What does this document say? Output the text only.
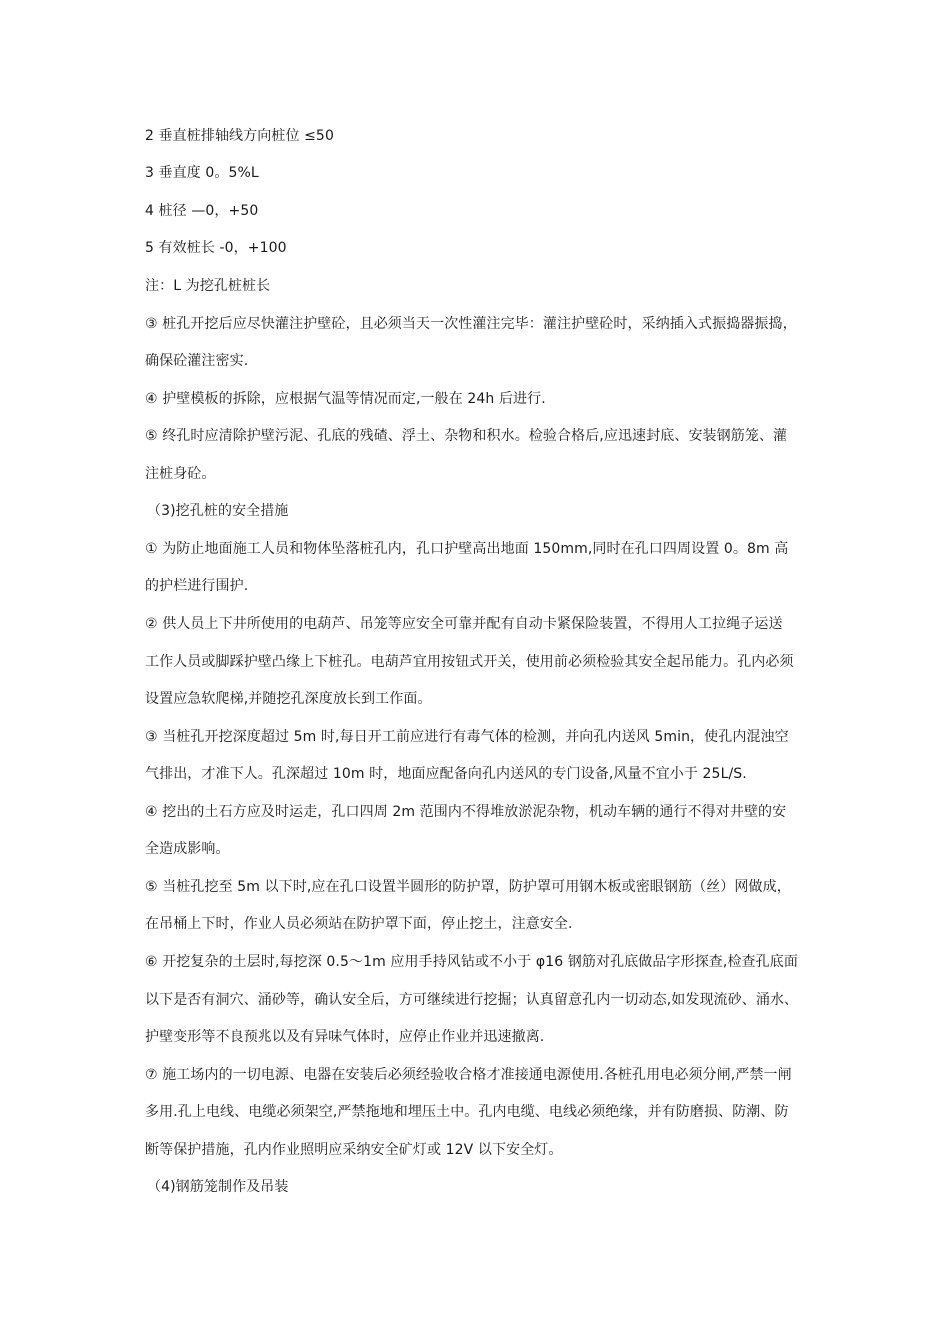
2 垂直桩排轴线方向桩位 ≤50
3 垂直度 0。5%L
4 桩径 —0，+50
5 有效桩长 -0，+100
注：L 为挖孔桩桩长
③ 桩孔开挖后应尽快灌注护壁砼，且必须当天一次性灌注完毕：灌注护壁砼时，采纳插入式振捣器振捣，
确保砼灌注密实.
④ 护壁模板的拆除，应根据气温等情况而定,一般在 24h 后进行.
⑤ 终孔时应清除护壁污泥、孔底的残碴、浮土、杂物和积水。检验合格后,应迅速封底、安装钢筋笼、灌
注桩身砼。
（3)挖孔桩的安全措施
① 为防止地面施工人员和物体坠落桩孔内，孔口护壁高出地面 150mm,同时在孔口四周设置 0。8m 高
的护栏进行围护.
② 供人员上下井所使用的电葫芦、吊笼等应安全可靠并配有自动卡紧保险装置，不得用人工拉绳子运送
工作人员或脚踩护壁凸缘上下桩孔。电葫芦宜用按钮式开关，使用前必须检验其安全起吊能力。孔内必须
设置应急软爬梯,并随挖孔深度放长到工作面。
③ 当桩孔开挖深度超过 5m 时,每日开工前应进行有毒气体的检测，并向孔内送风 5min，使孔内混浊空
气排出，才准下人。孔深超过 10m 时，地面应配备向孔内送风的专门设备,风量不宜小于 25L/S.
④ 挖出的土石方应及时运走，孔口四周 2m 范围内不得堆放淤泥杂物，机动车辆的通行不得对井壁的安
全造成影响。
⑤ 当桩孔挖至 5m 以下时,应在孔口设置半圆形的防护罩，防护罩可用钢木板或密眼钢筋（丝）网做成，
在吊桶上下时，作业人员必须站在防护罩下面，停止挖土，注意安全.
⑥ 开挖复杂的土层时,每挖深 0.5～1m 应用手持风钻或不小于 φ16 钢筋对孔底做品字形探查,检查孔底面
以下是否有洞穴、涌砂等，确认安全后，方可继续进行挖掘；认真留意孔内一切动态,如发现流砂、涌水、
护壁变形等不良预兆以及有异味气体时，应停止作业并迅速撤离.
⑦ 施工场内的一切电源、电器在安装后必须经验收合格才准接通电源使用.各桩孔用电必须分闸,严禁一闸
多用.孔上电线、电缆必须架空,严禁拖地和埋压土中。孔内电缆、电线必须绝缘，并有防磨损、防潮、防
断等保护措施，孔内作业照明应采纳安全矿灯或 12V 以下安全灯。
（4)钢筋笼制作及吊装
